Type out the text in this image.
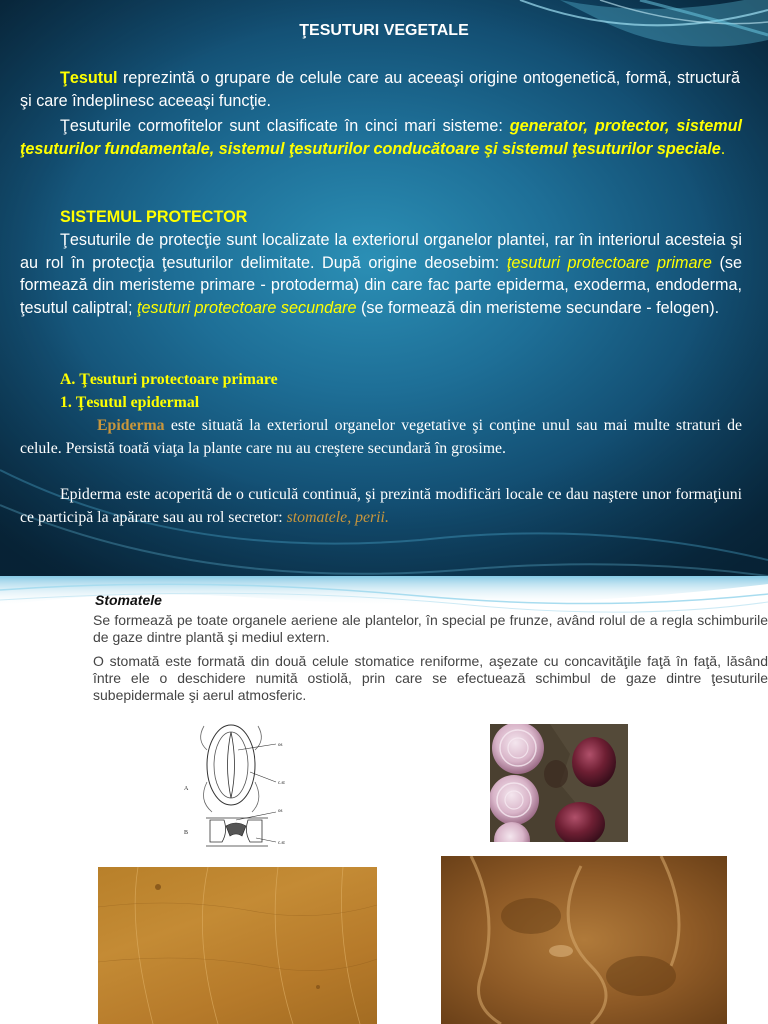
ŢESUTURI VEGETALE
Ţesutul reprezintă o grupare de celule care au aceeaşi origine ontogenetică, formă, structură şi care îndeplinesc aceeaşi funcţie.
Ţesuturile cormofitelor sunt clasificate în cinci mari sisteme: generator, protector, sistemul ţesuturilor fundamentale, sistemul ţesuturilor conducătoare şi sistemul ţesuturilor speciale.
SISTEMUL PROTECTOR
Ţesuturile de protecţie sunt localizate la exteriorul organelor plantei, rar în interiorul acesteia şi au rol în protecţia ţesuturilor delimitate. După origine deosebim: ţesuturi protectoare primare (se formează din meristeme primare - protoderma) din care fac parte epiderma, exoderma, endoderma, ţesutul caliptral; ţesuturi protectoare secundare (se formează din meristeme secundare - felogen).
A. Ţesuturi protectoare primare
1. Ţesutul epidermal
Epiderma este situată la exteriorul organelor vegetative şi conţine unul sau mai multe straturi de celule. Persistă toată viaţa la plante care nu au creştere secundară în grosime.
Epiderma este acoperită de o cuticulă continuă, şi prezintă modificări locale ce dau naştere unor formaţiuni ce participă la apărare sau au rol secretor: stomatele, perii.
Stomatele
Se formează pe toate organele aeriene ale plantelor, în special pe frunze, având rolul de a regla schimburile de gaze dintre plantă şi mediul extern.
O stomată este formată din două celule stomatice reniforme, aşezate cu concavităţile faţă în faţă, lăsând între ele o deschidere numită ostiolă, prin care se efectuează schimbul de gaze dintre ţesuturile subepidermale şi aerul atmosferic.
os
c.st
A
os
c.st
B
